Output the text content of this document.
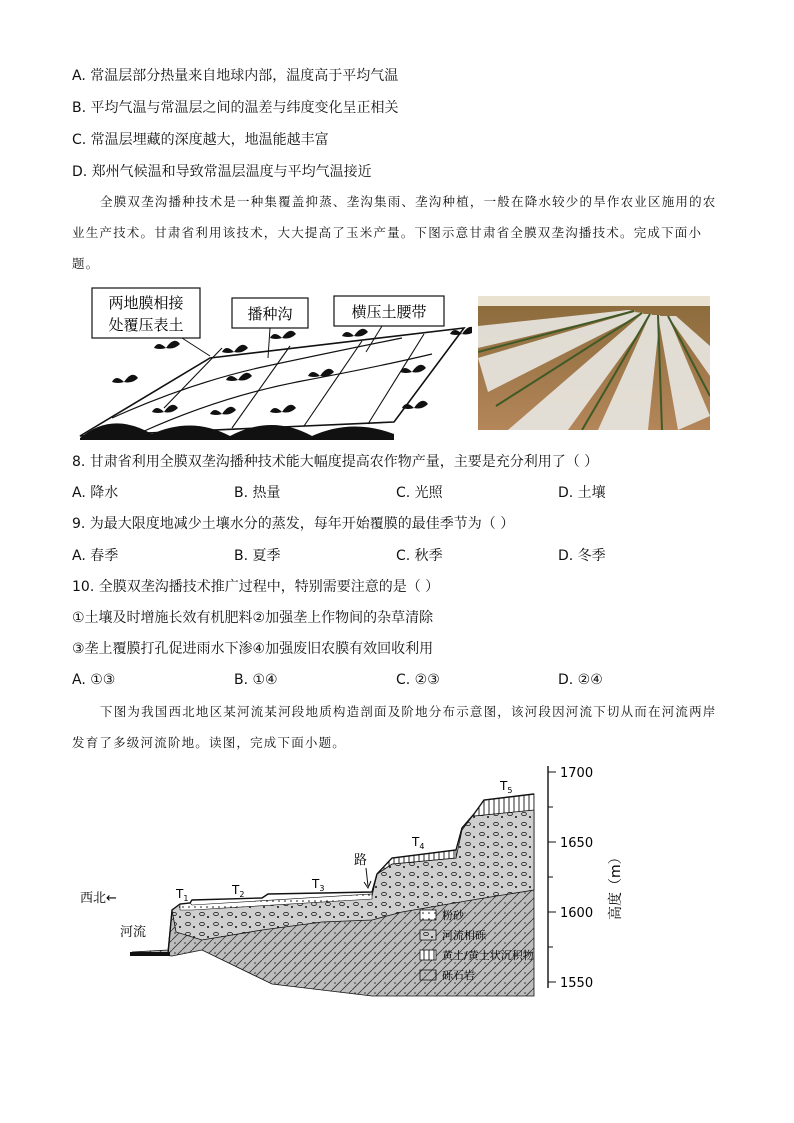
A. 常温层部分热量来自地球内部，温度高于平均气温
B. 平均气温与常温层之间的温差与纬度变化呈正相关
C. 常温层埋藏的深度越大，地温能越丰富
D. 郑州气候温和导致常温层温度与平均气温接近

全膜双垄沟播种技术是一种集覆盖抑蒸、垄沟集雨、垄沟种植，一般在降水较少的旱作农业区施用的农业生产技术。甘肃省利用该技术，大大提高了玉米产量。下图示意甘肃省全膜双垄沟播技术。完成下面小题。

两地膜相接
处覆压表土
播种沟	横压土腰带
8. 甘肃省利用全膜双垄沟播种技术能大幅度提高农作物产量，主要是充分利用了（ ）
A. 降水	B. 热量	C. 光照	D. 土壤
9. 为最大限度地减少土壤水分的蒸发，每年开始覆膜的最佳季节为（ ）
A. 春季	B. 夏季	C. 秋季	D. 冬季
10. 全膜双垄沟播技术推广过程中，特别需要注意的是（ ）
①土壤及时增施长效有机肥料②加强垄上作物间的杂草清除
③垄上覆膜打孔促进雨水下渗④加强废旧农膜有效回收利用
A. ①③	B. ①④	C. ②③	D. ②④

下图为我国西北地区某河流某河段地质构造剖面及阶地分布示意图，该河段因河流下切从而在河流两岸发育了多级河流阶地。读图，完成下面小题。

西北←
河流
路
$T_1$
$T_2$
$T_3$
$T_4$
$T_5$
粉砂
河流相砾
黄土/黄土状沉积物
砾石岩
1700
1650
1600
1550
高度（m）
